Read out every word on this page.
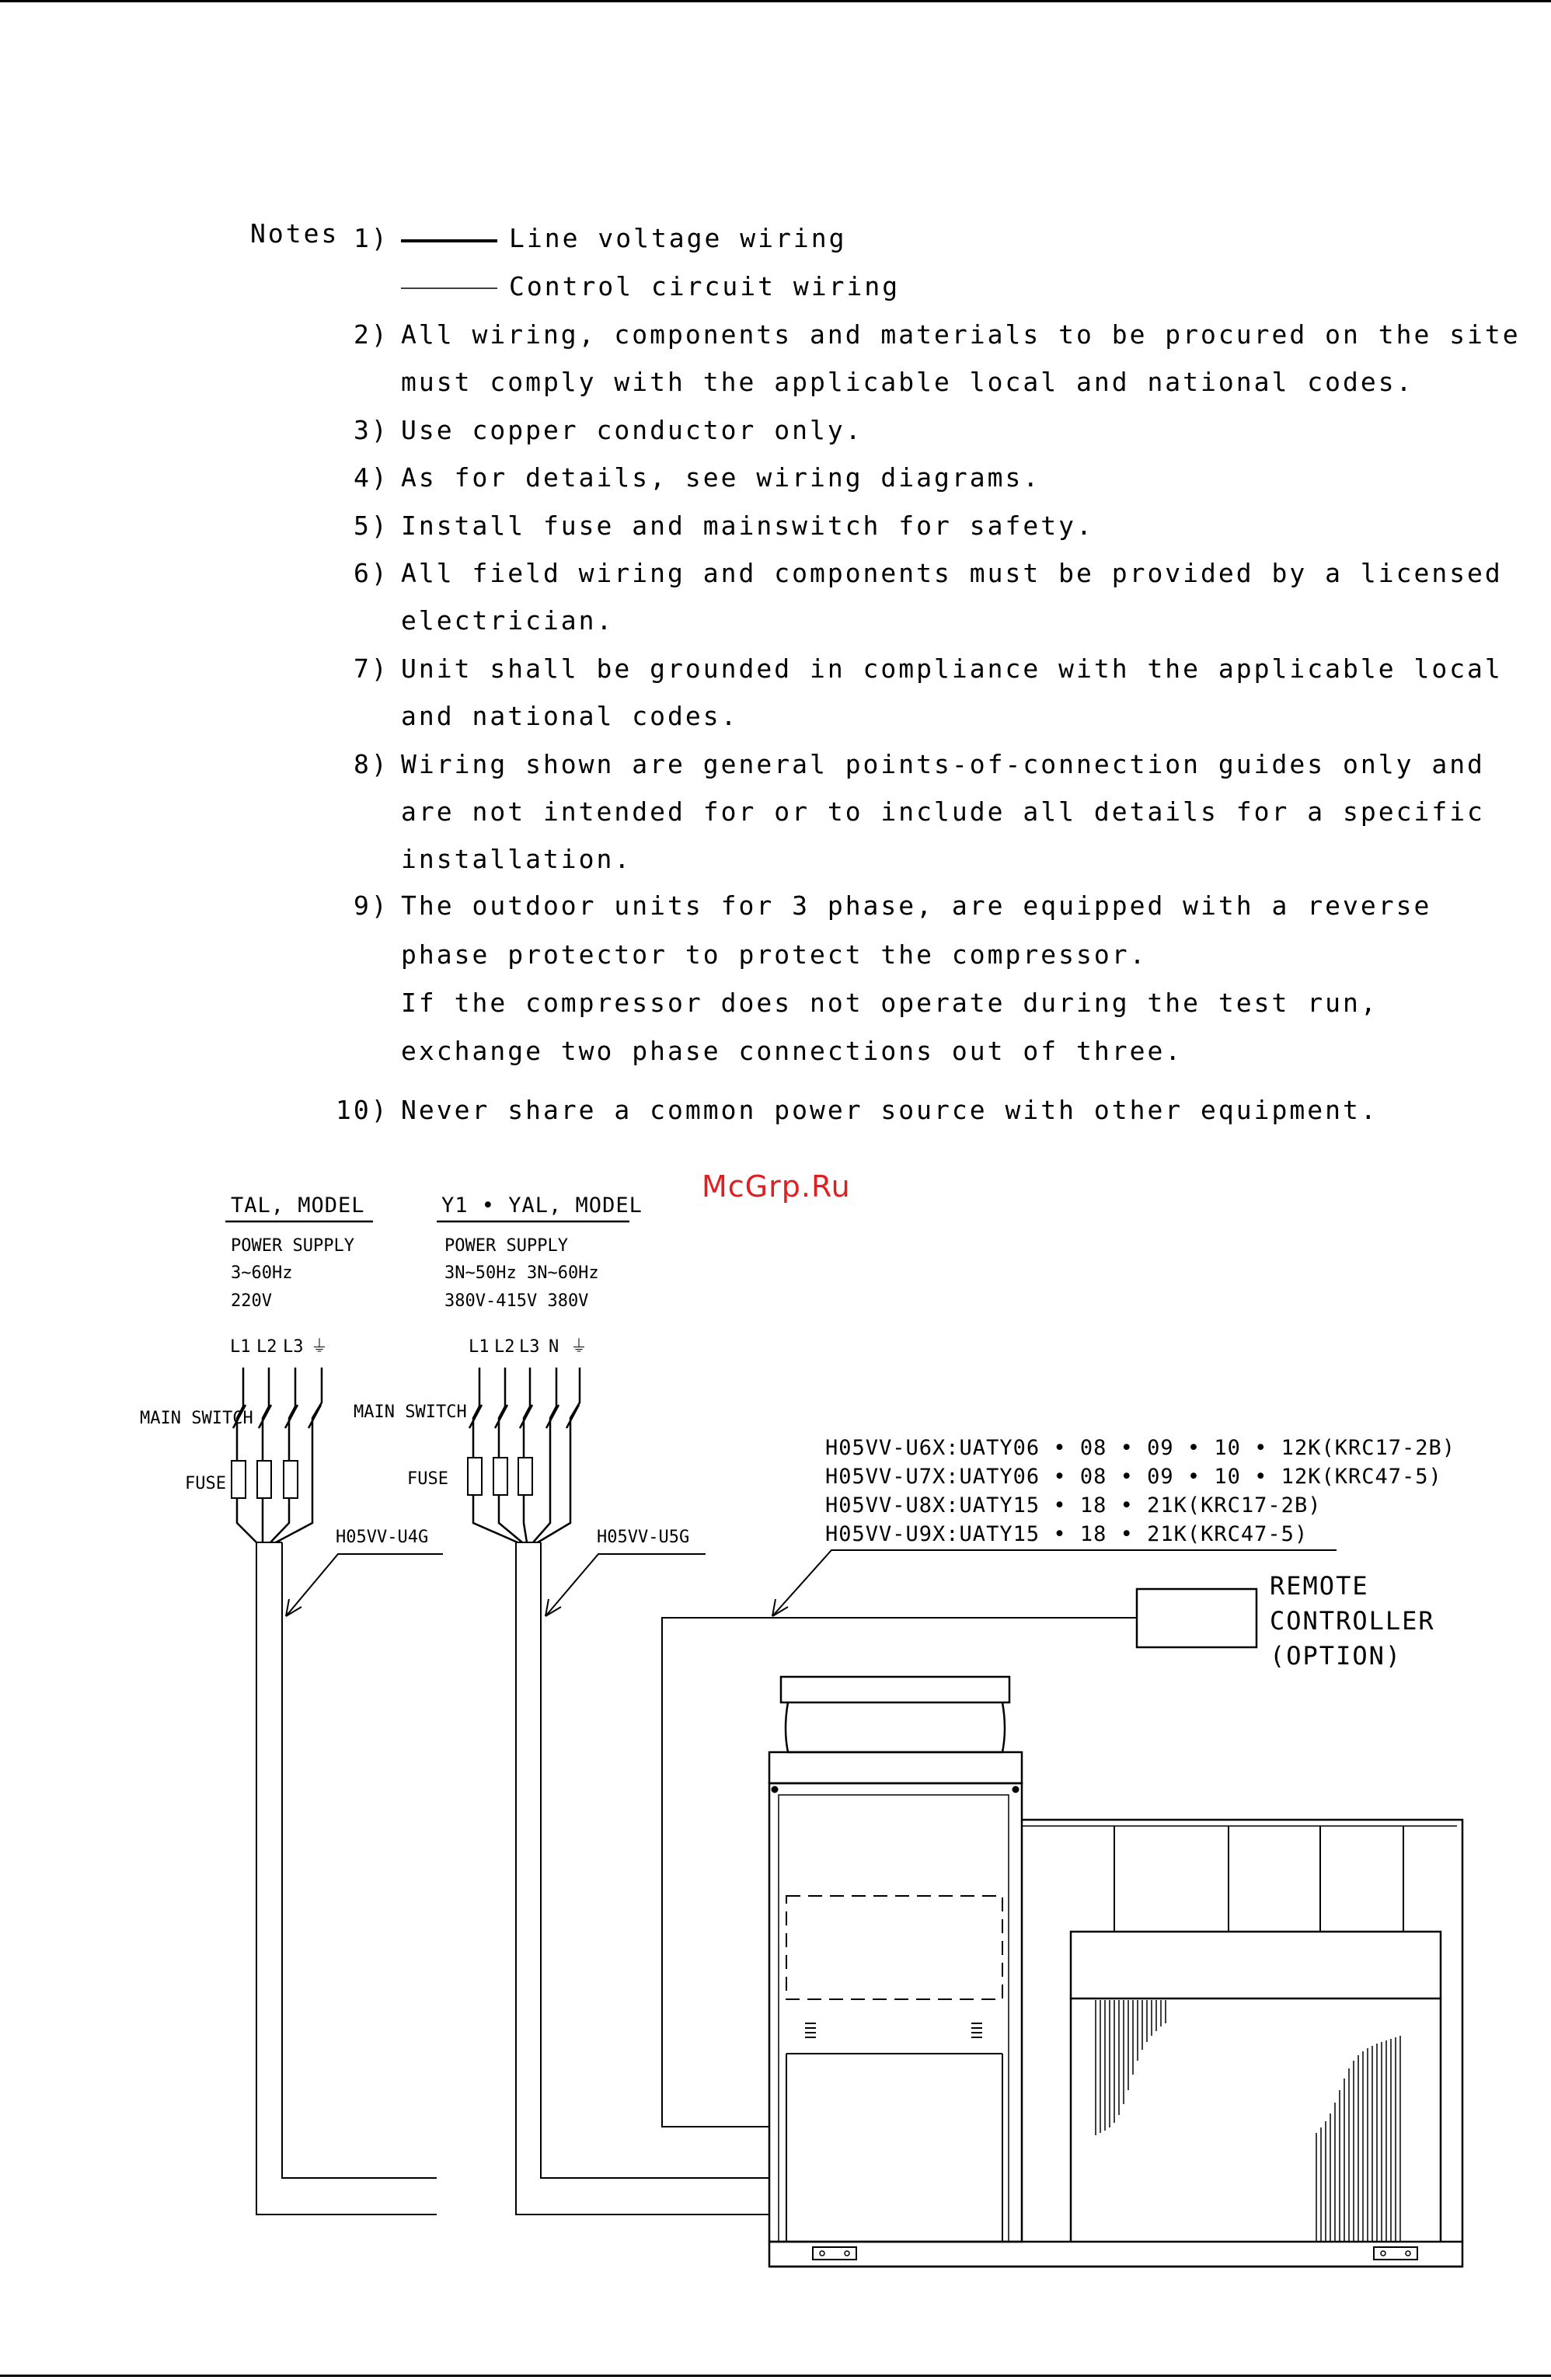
Notes 1)	Line voltage wiring
Control circuit wiring
2) All wiring, components and materials to be procured on the site
must comply with the applicable local and national codes.
3) Use copper conductor only.
4) As for details, see wiring diagrams.
5) Install fuse and mainswitch for safety.
6) All field wiring and components must be provided by a licensed
electrician.
7) Unit shall be grounded in compliance with the applicable local
and national codes.
8) Wiring shown are general points-of-connection guides only and
are not intended for or to include all details for a specific
installation.
9) The outdoor units for 3 phase, are equipped with a reverse
phase protector to protect the compressor.
If the compressor does not operate during the test run,
exchange two phase connections out of three.
10) Never share a common power source with other equipment.
TAL, MODEL
POWER SUPPLY
3~60Hz
220V
L1 L2 L3 ⏚
MAIN SWITCH
FUSE
H05VV-U4G
Y1 • YAL, MODEL
POWER SUPPLY
3N~50Hz 3N~60Hz
380V-415V 380V
L1 L2 L3 N ⏚
MAIN SWITCH
FUSE
H05VV-U5G
H05VV-U6X:UATY06 • 08 • 09 • 10 • 12K(KRC17-2B)
H05VV-U7X:UATY06 • 08 • 09 • 10 • 12K(KRC47-5)
H05VV-U8X:UATY15 • 18 • 21K(KRC17-2B)
H05VV-U9X:UATY15 • 18 • 21K(KRC47-5)
REMOTE
CONTROLLER
(OPTION)
McGrp.Ru
